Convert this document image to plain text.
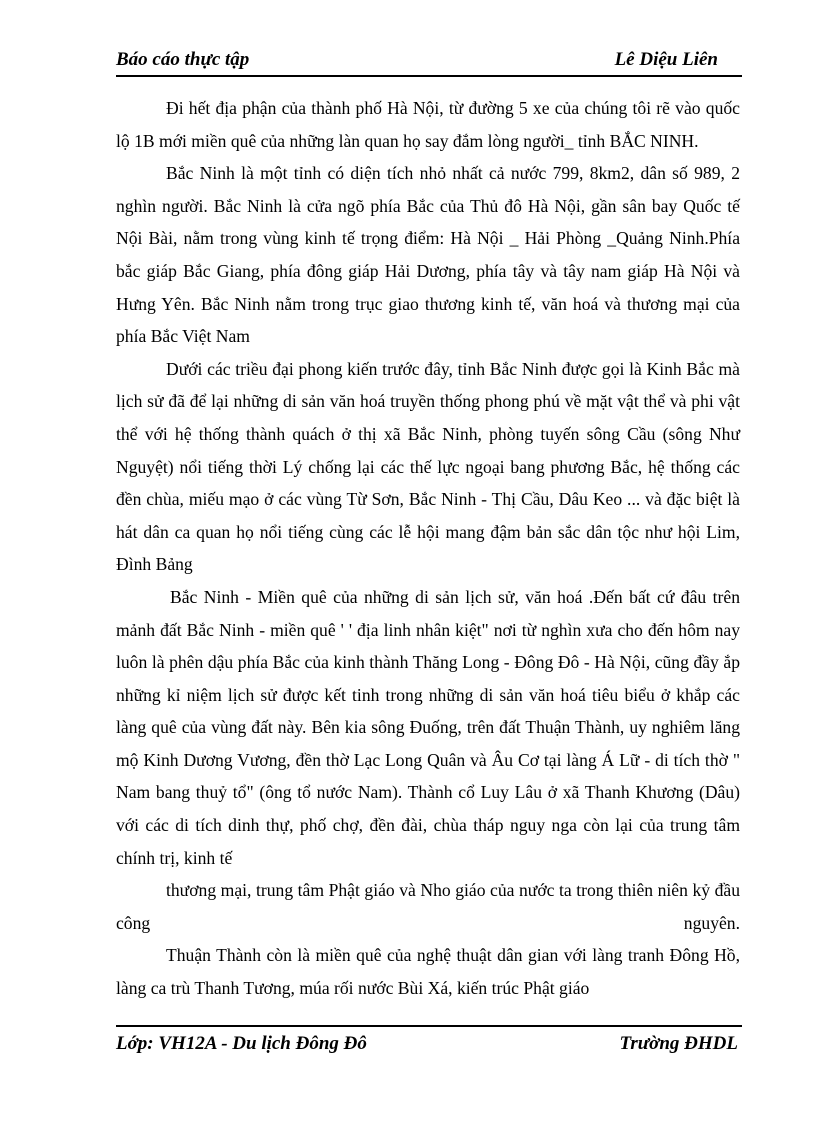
Báo cáo thực tập	Lê Diệu Liên

Đi hết địa phận của thành phố Hà Nội, từ đường 5 xe của chúng tôi rẽ vào quốc lộ 1B mới miền quê của những làn quan họ say đắm lòng người_ tỉnh BẮC NINH.

Bắc Ninh là một tỉnh có diện tích nhỏ nhất cả nước 799, 8km2, dân số 989, 2 nghìn người. Bắc Ninh là cửa ngõ phía Bắc của Thủ đô Hà Nội, gần sân bay Quốc tế Nội Bài, nằm trong vùng kinh tế trọng điểm: Hà Nội _ Hải Phòng _Quảng Ninh.Phía bắc giáp Bắc Giang, phía đông giáp Hải Dương, phía tây và tây nam giáp Hà Nội và Hưng Yên. Bắc Ninh nằm trong trục giao thương kinh tế, văn hoá và thương mại của phía Bắc Việt Nam

Dưới các triều đại phong kiến trước đây, tỉnh Bắc Ninh được gọi là Kinh Bắc mà lịch sử đã để lại những di sản văn hoá truyền thống phong phú về mặt vật thể và phi vật thể với hệ thống thành quách ở thị xã Bắc Ninh, phòng tuyến sông Cầu (sông Như Nguyệt) nổi tiếng thời Lý chống lại các thế lực ngoại bang phương Bắc, hệ thống các đền chùa, miếu mạo ở các vùng Từ Sơn, Bắc Ninh - Thị Cầu, Dâu Keo ... và đặc biệt là hát dân ca quan họ nổi tiếng cùng các lễ hội mang đậm bản sắc dân tộc như hội Lim, Đình Bảng

Bắc Ninh - Miền quê của những di sản lịch sử, văn hoá .Đến bất cứ đâu trên mảnh đất Bắc Ninh - miền quê ' ' địa linh nhân kiệt" nơi từ nghìn xưa cho đến hôm nay luôn là phên dậu phía Bắc của kinh thành Thăng Long - Đông Đô - Hà Nội, cũng đầy ắp những kỉ niệm lịch sử được kết tinh trong những di sản văn hoá tiêu biểu ở khắp các làng quê của vùng đất này. Bên kia sông Đuống, trên đất Thuận Thành, uy nghiêm lăng mộ Kinh Dương Vương, đền thờ Lạc Long Quân và Âu Cơ tại làng Á Lữ - di tích thờ " Nam bang thuỷ tổ" (ông tổ nước Nam). Thành cổ Luy Lâu ở xã Thanh Khương (Dâu) với các di tích dinh thự, phố chợ, đền đài, chùa tháp nguy nga còn lại của trung tâm chính trị, kinh tế

thương mại, trung tâm Phật giáo và Nho giáo của nước ta trong thiên niên kỷ đầu công nguyên.

Thuận Thành còn là miền quê của nghệ thuật dân gian với làng tranh Đông Hồ, làng ca trù Thanh Tương, múa rối nước Bùi Xá, kiến trúc Phật giáo

Lớp: VH12A - Du lịch Đông Đô	Trường ĐHDL
